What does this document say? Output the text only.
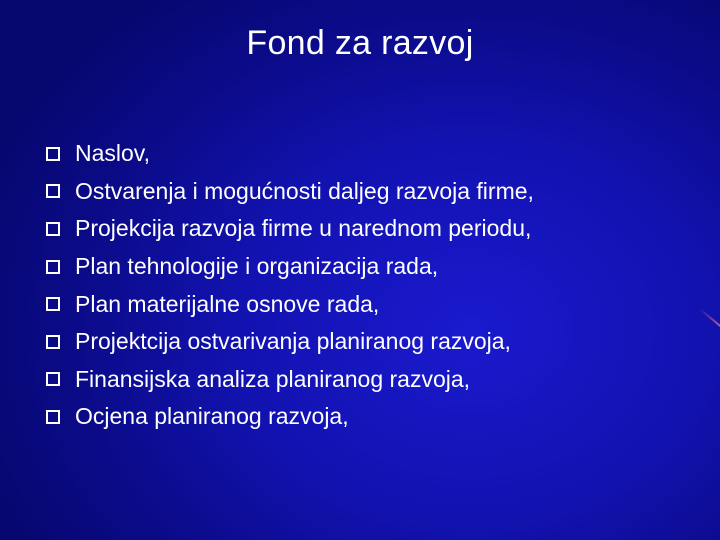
Fond za razvoj
Naslov,
Ostvarenja i mogućnosti daljeg razvoja firme,
Projekcija razvoja firme u narednom periodu,
Plan tehnologije i organizacija rada,
Plan materijalne osnove rada,
Projektcija ostvarivanja planiranog razvoja,
Finansijska analiza planiranog razvoja,
Ocjena planiranog razvoja,
